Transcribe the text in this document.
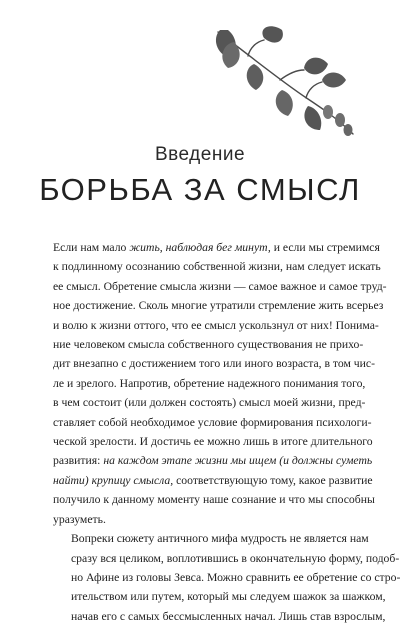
Введение
БОРЬБА ЗА СМЫСЛ

Если нам мало жить, наблюдая бег минут, и если мы стремимся
к подлинному осознанию собственной жизни, нам следует искать
ее смысл. Обретение смысла жизни — самое важное и самое труд-
ное достижение. Сколь многие утратили стремление жить всерьез
и волю к жизни оттого, что ее смысл ускользнул от них! Понима-
ние человеком смысла собственного существования не прихо-
дит внезапно с достижением того или иного возраста, в том чис-
ле и зрелого. Напротив, обретение надежного понимания того,
в чем состоит (или должен состоять) смысл моей жизни, пред-
ставляет собой необходимое условие формирования психологи-
ческой зрелости. И достичь ее можно лишь в итоге длительного
развития: на каждом этапе жизни мы ищем (и должны суметь
найти) крупицу смысла, соответствующую тому, какое развитие
получило к данному моменту наше сознание и что мы способны
уразуметь.

Вопреки сюжету античного мифа мудрость не является нам
сразу вся целиком, воплотившись в окончательную форму, подоб-
но Афине из головы Зевса. Можно сравнить ее обретение со стро-
ительством или путем, который мы следуем шажок за шажком,
начав его с самых бессмысленных начал. Лишь став взрослым,
